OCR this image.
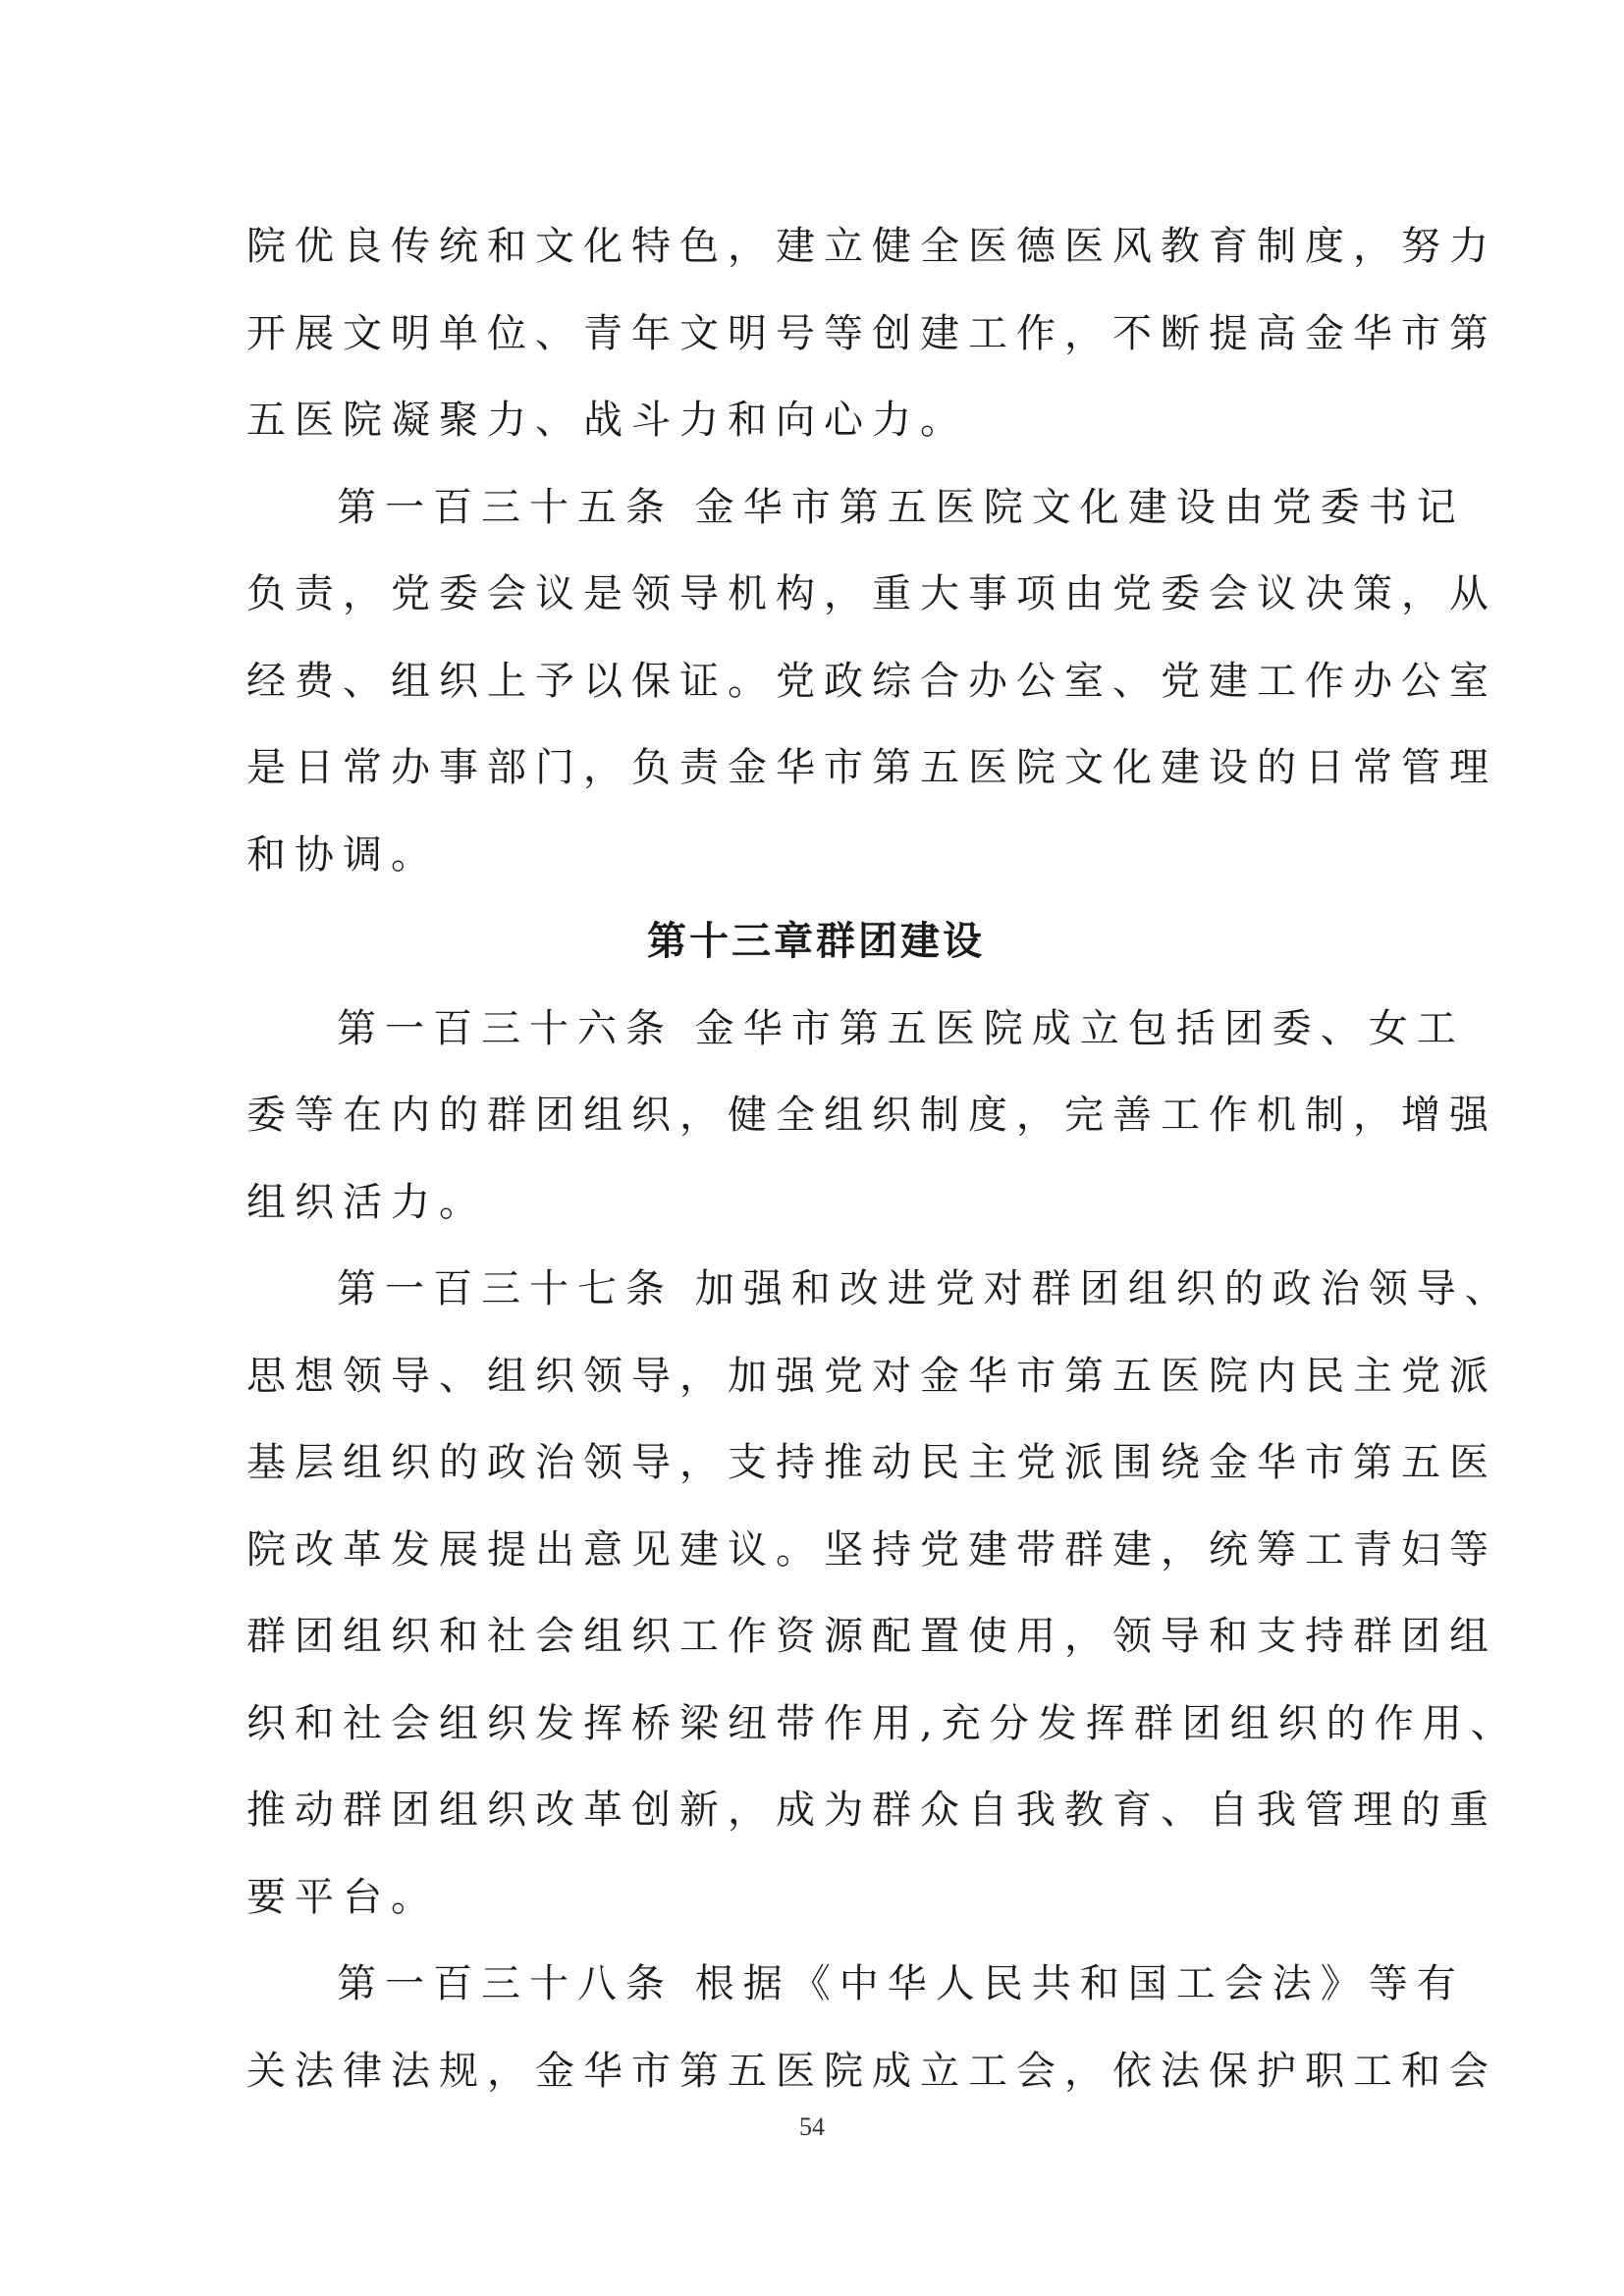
院优良传统和文化特色，建立健全医德医风教育制度，努力
开展文明单位、青年文明号等创建工作，不断提高金华市第
五医院凝聚力、战斗力和向心力。
第一百三十五条 金华市第五医院文化建设由党委书记
负责，党委会议是领导机构，重大事项由党委会议决策，从
经费、组织上予以保证。党政综合办公室、党建工作办公室
是日常办事部门，负责金华市第五医院文化建设的日常管理
和协调。
第十三章群团建设
第一百三十六条 金华市第五医院成立包括团委、女工
委等在内的群团组织，健全组织制度，完善工作机制，增强
组织活力。
第一百三十七条 加强和改进党对群团组织的政治领导、
思想领导、组织领导，加强党对金华市第五医院内民主党派
基层组织的政治领导，支持推动民主党派围绕金华市第五医
院改革发展提出意见建议。坚持党建带群建，统筹工青妇等
群团组织和社会组织工作资源配置使用，领导和支持群团组
织和社会组织发挥桥梁纽带作用,充分发挥群团组织的作用、
推动群团组织改革创新，成为群众自我教育、自我管理的重
要平台。
第一百三十八条 根据《中华人民共和国工会法》等有
关法律法规，金华市第五医院成立工会，依法保护职工和会
54
